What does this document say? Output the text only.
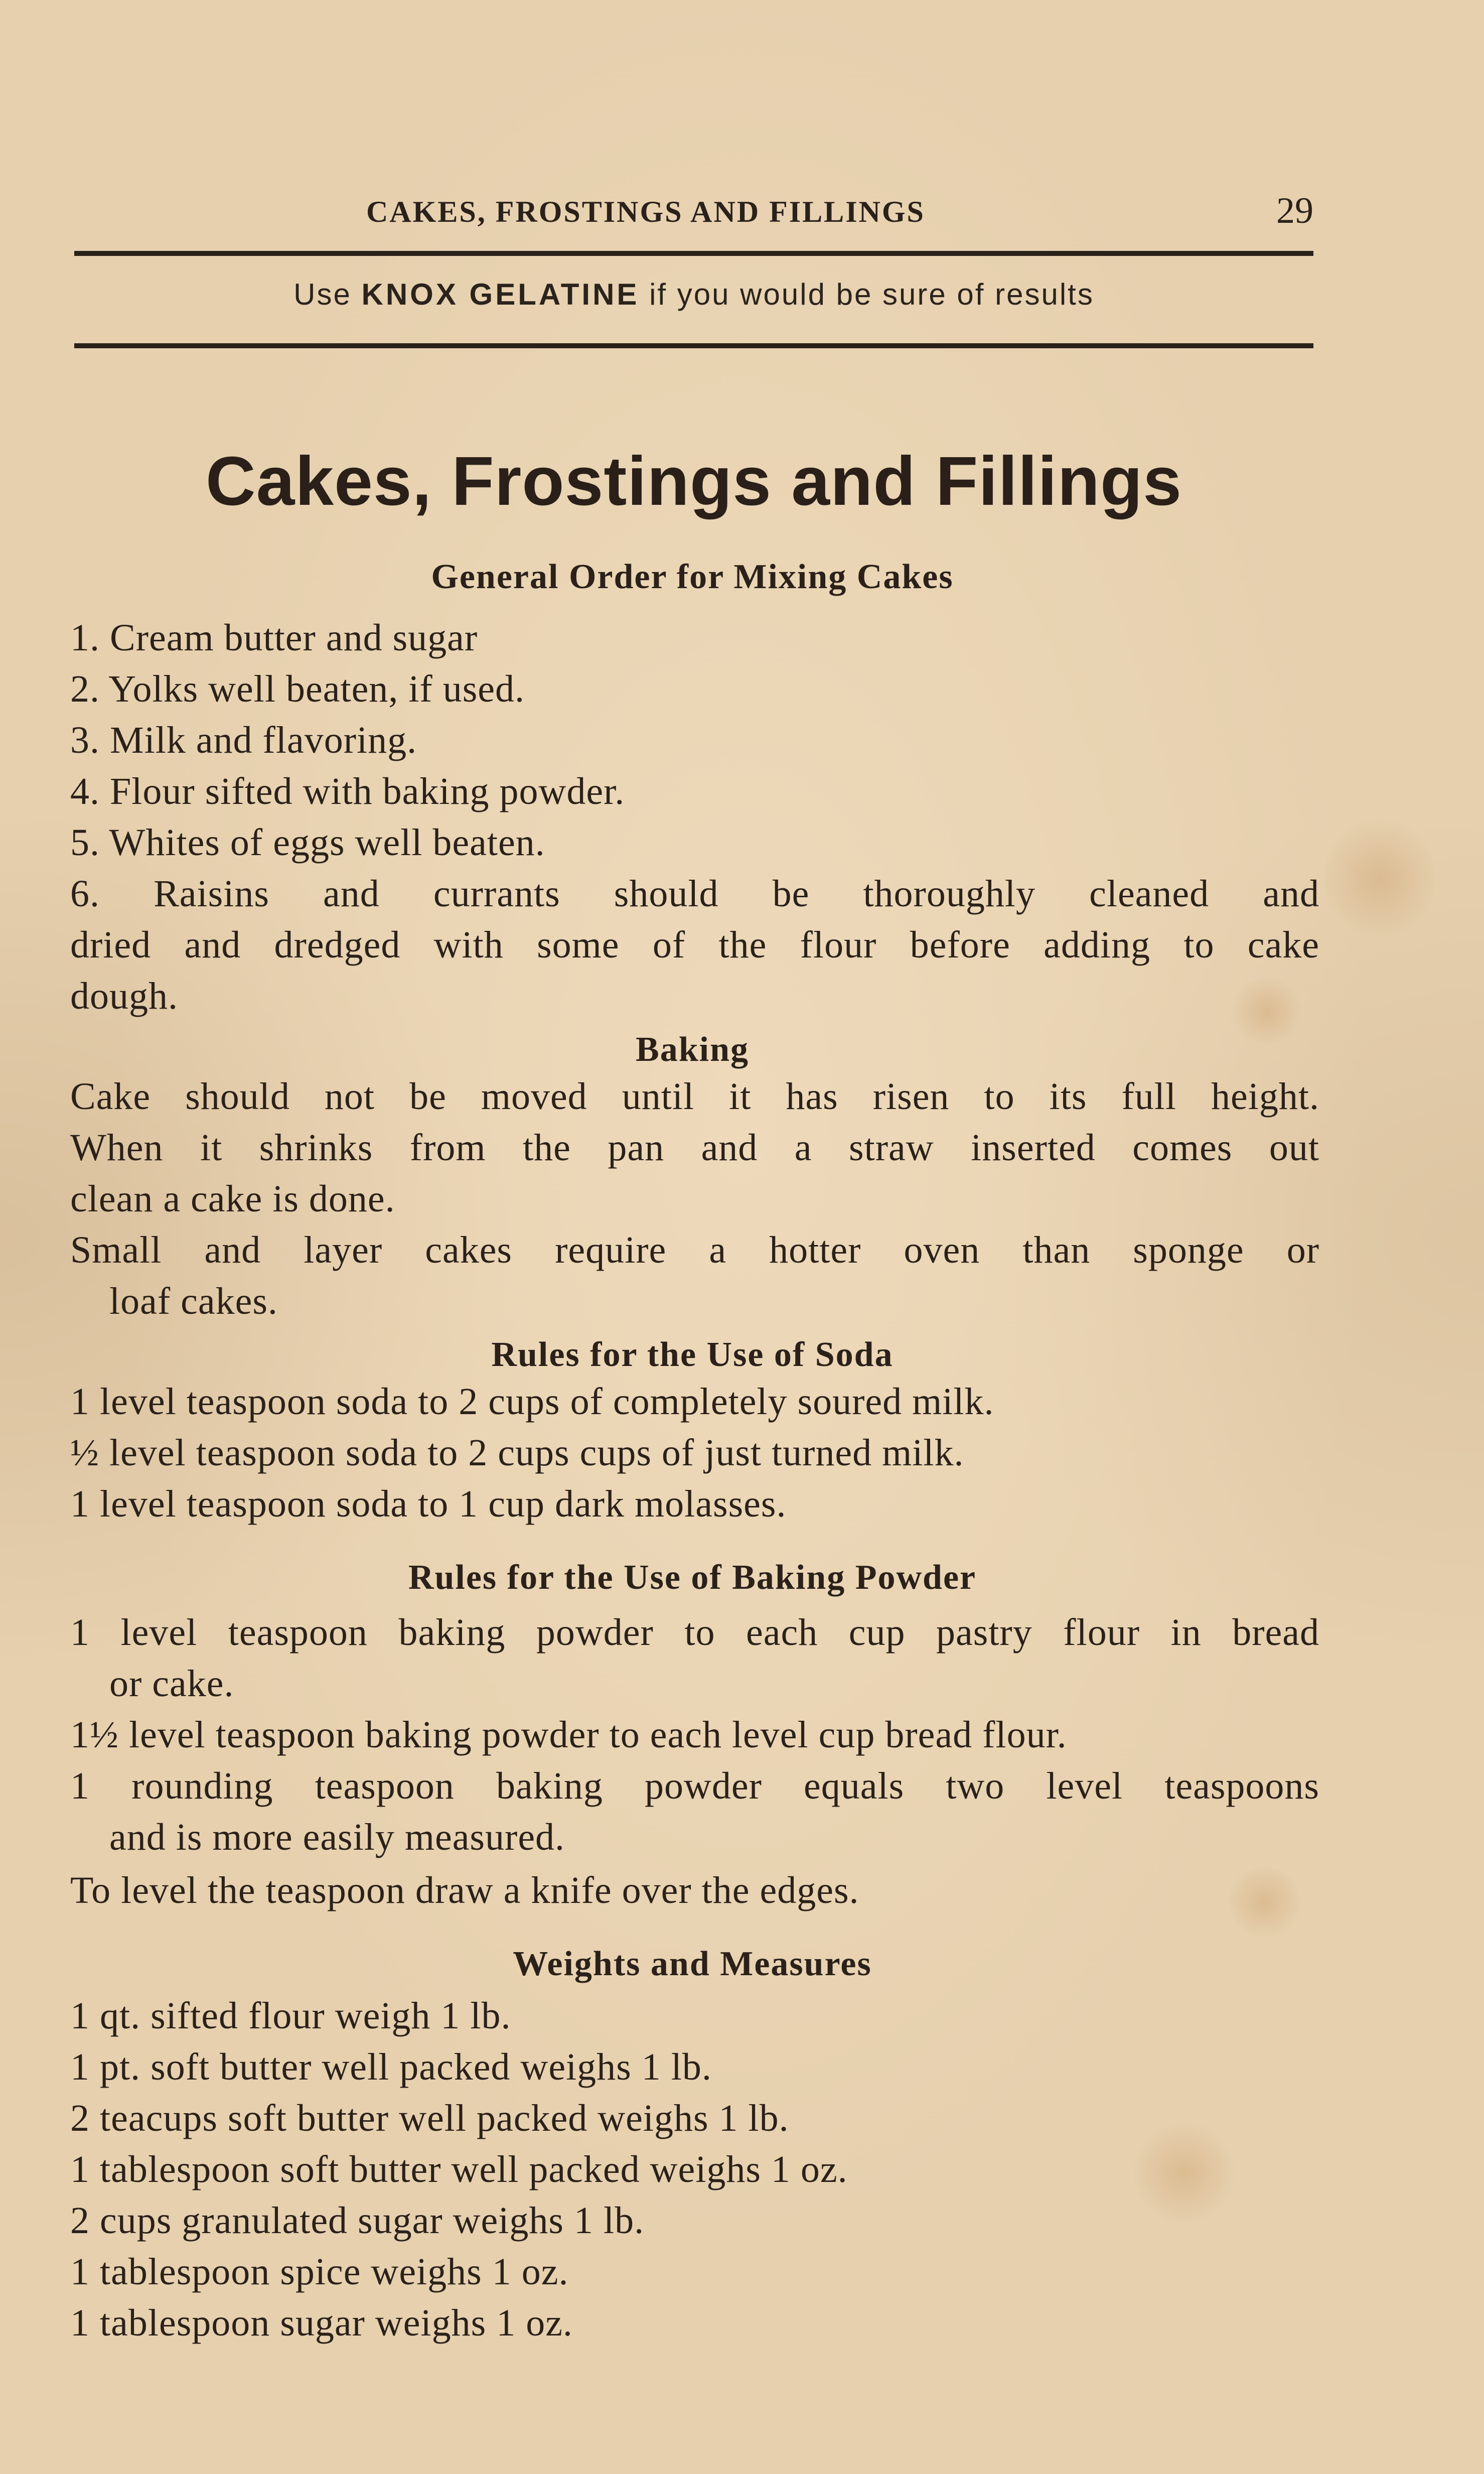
CAKES, FROSTINGS AND FILLINGS	29
Use KNOX GELATINE if you would be sure of results
Cakes, Frostings and Fillings
General Order for Mixing Cakes
1. Cream butter and sugar
2. Yolks well beaten, if used.
3. Milk and flavoring.
4. Flour sifted with baking powder.
5. Whites of eggs well beaten.
6. Raisins and currants should be thoroughly cleaned and
dried and dredged with some of the flour before adding to cake
dough.
Baking
Cake should not be moved until it has risen to its full height.
When it shrinks from the pan and a straw inserted comes out
clean a cake is done.
Small and layer cakes require a hotter oven than sponge or
loaf cakes.
Rules for the Use of Soda
1 level teaspoon soda to 2 cups of completely soured milk.
½ level teaspoon soda to 2 cups cups of just turned milk.
1 level teaspoon soda to 1 cup dark molasses.
Rules for the Use of Baking Powder
1 level teaspoon baking powder to each cup pastry flour in bread
or cake.
1½ level teaspoon baking powder to each level cup bread flour.
1 rounding teaspoon baking powder equals two level teaspoons
and is more easily measured.
To level the teaspoon draw a knife over the edges.
Weights and Measures
1 qt. sifted flour weigh 1 lb.
1 pt. soft butter well packed weighs 1 lb.
2 teacups soft butter well packed weighs 1 lb.
1 tablespoon soft butter well packed weighs 1 oz.
2 cups granulated sugar weighs 1 lb.
1 tablespoon spice weighs 1 oz.
1 tablespoon sugar weighs 1 oz.
